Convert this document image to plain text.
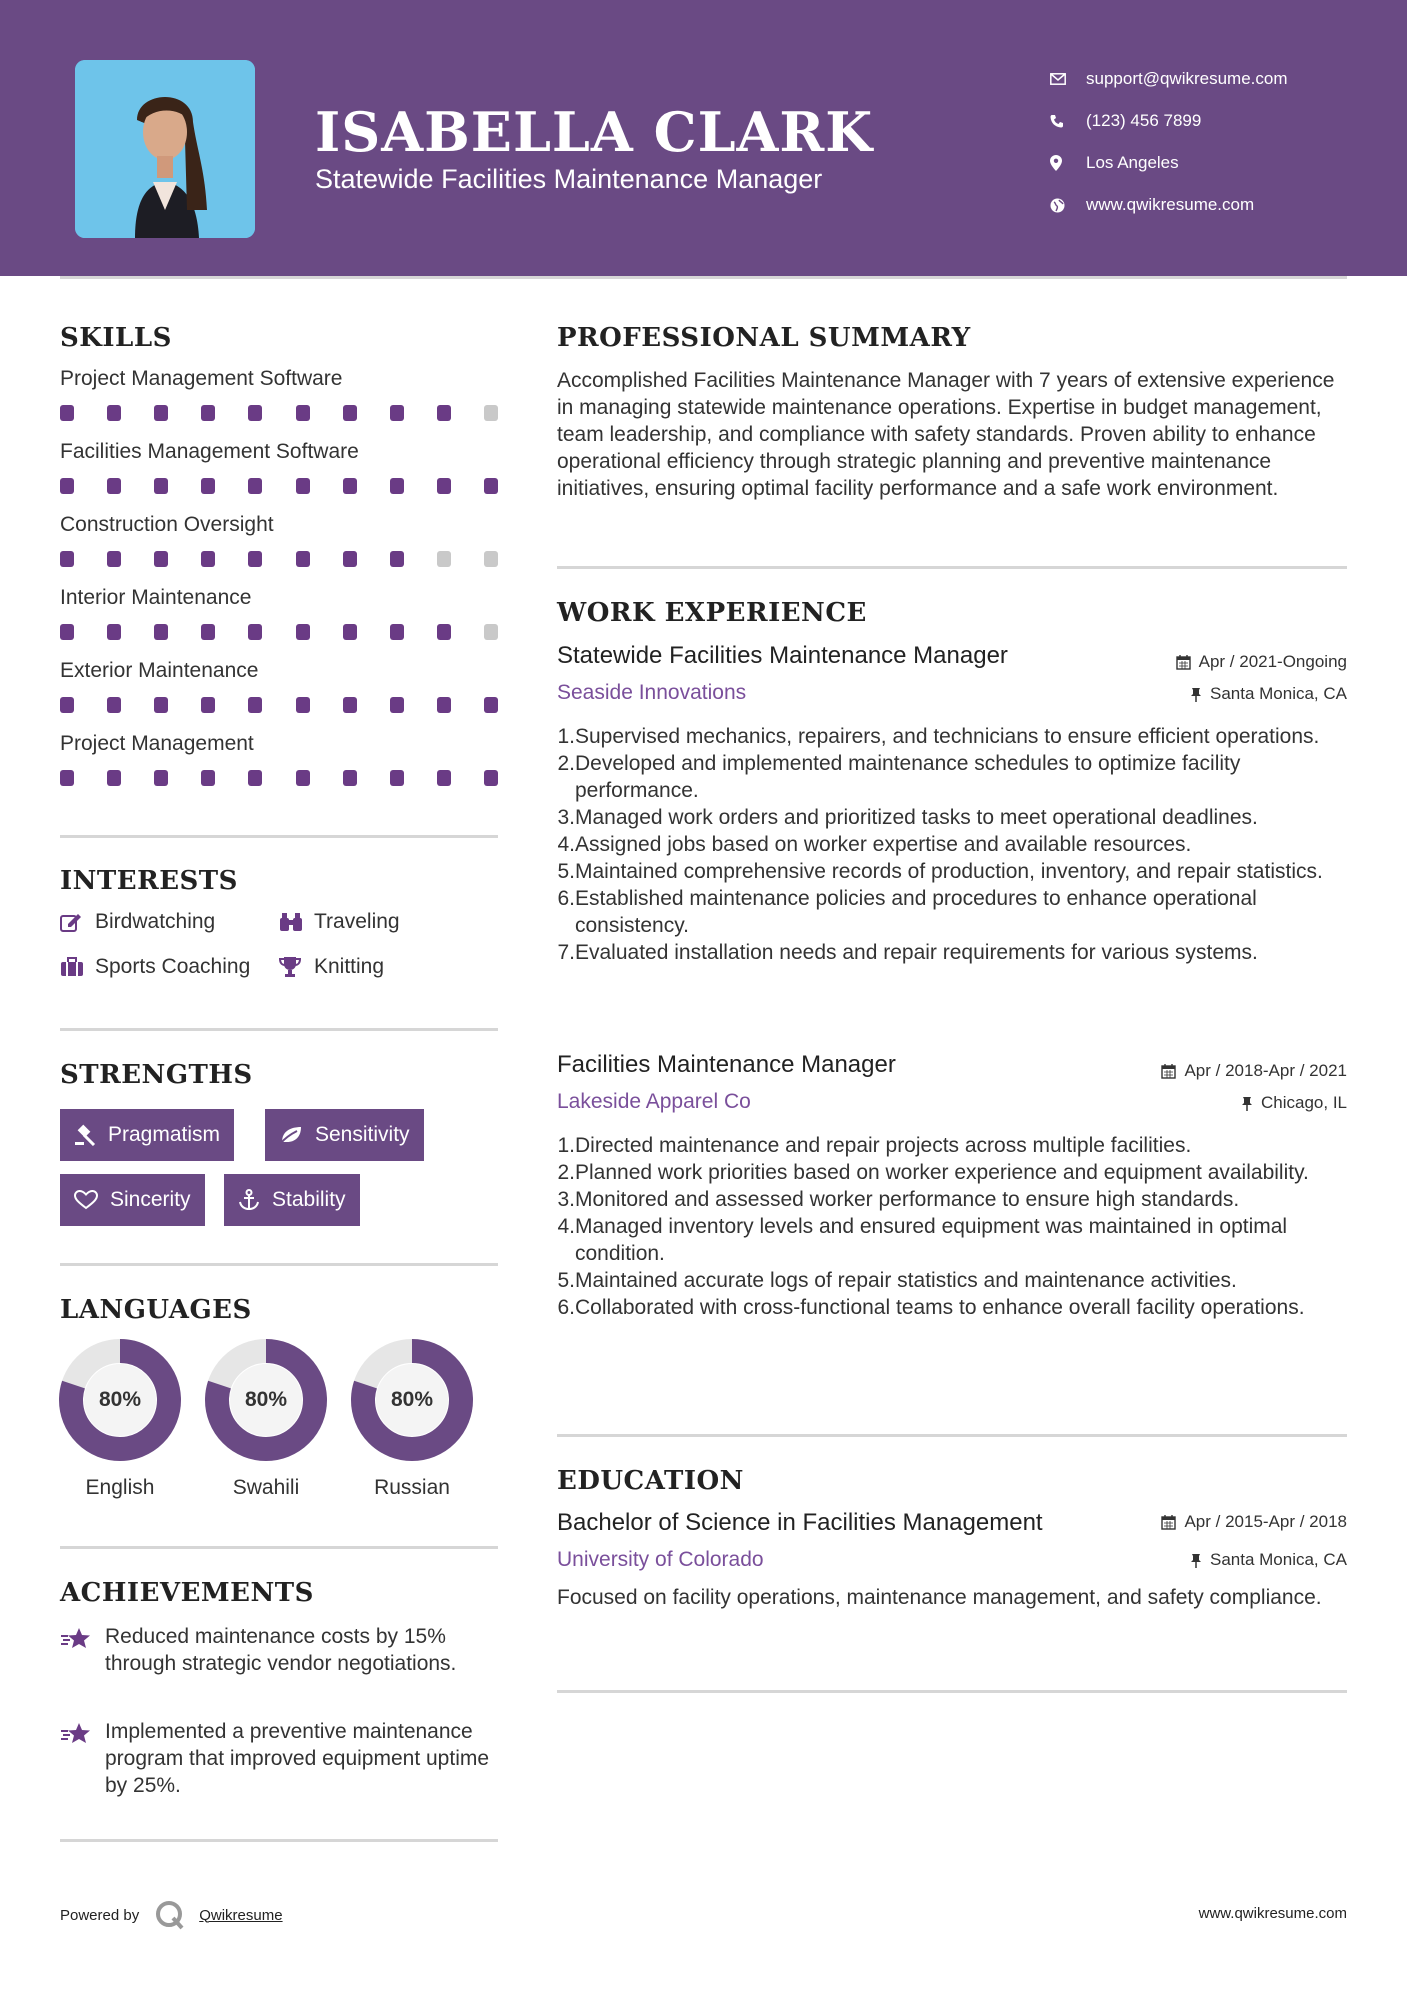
ISABELLA CLARK
Statewide Facilities Maintenance Manager
support@qwikresume.com
(123) 456 7899
Los Angeles
www.qwikresume.com
SKILLS
Project Management Software
Facilities Management Software
Construction Oversight
Interior Maintenance
Exterior Maintenance
Project Management
INTERESTS
Birdwatching	Traveling
Sports Coaching	Knitting
STRENGTHS
Pragmatism	Sensitivity
Sincerity	Stability
LANGUAGES
80%
English
80%
Swahili
80%
Russian
ACHIEVEMENTS
Reduced maintenance costs by 15% through strategic vendor negotiations.
Implemented a preventive maintenance program that improved equipment uptime by 25%.
PROFESSIONAL SUMMARY
Accomplished Facilities Maintenance Manager with 7 years of extensive experience in managing statewide maintenance operations. Expertise in budget management, team leadership, and compliance with safety standards. Proven ability to enhance operational efficiency through strategic planning and preventive maintenance initiatives, ensuring optimal facility performance and a safe work environment.
WORK EXPERIENCE
Statewide Facilities Maintenance Manager	Apr / 2021-Ongoing
Seaside Innovations	Santa Monica, CA
1. Supervised mechanics, repairers, and technicians to ensure efficient operations.
2. Developed and implemented maintenance schedules to optimize facility performance.
3. Managed work orders and prioritized tasks to meet operational deadlines.
4. Assigned jobs based on worker expertise and available resources.
5. Maintained comprehensive records of production, inventory, and repair statistics.
6. Established maintenance policies and procedures to enhance operational consistency.
7. Evaluated installation needs and repair requirements for various systems.
Facilities Maintenance Manager	Apr / 2018-Apr / 2021
Lakeside Apparel Co	Chicago, IL
1. Directed maintenance and repair projects across multiple facilities.
2. Planned work priorities based on worker experience and equipment availability.
3. Monitored and assessed worker performance to ensure high standards.
4. Managed inventory levels and ensured equipment was maintained in optimal condition.
5. Maintained accurate logs of repair statistics and maintenance activities.
6. Collaborated with cross-functional teams to enhance overall facility operations.
EDUCATION
Bachelor of Science in Facilities Management	Apr / 2015-Apr / 2018
University of Colorado	Santa Monica, CA
Focused on facility operations, maintenance management, and safety compliance.
Powered by	Qwikresume	www.qwikresume.com
